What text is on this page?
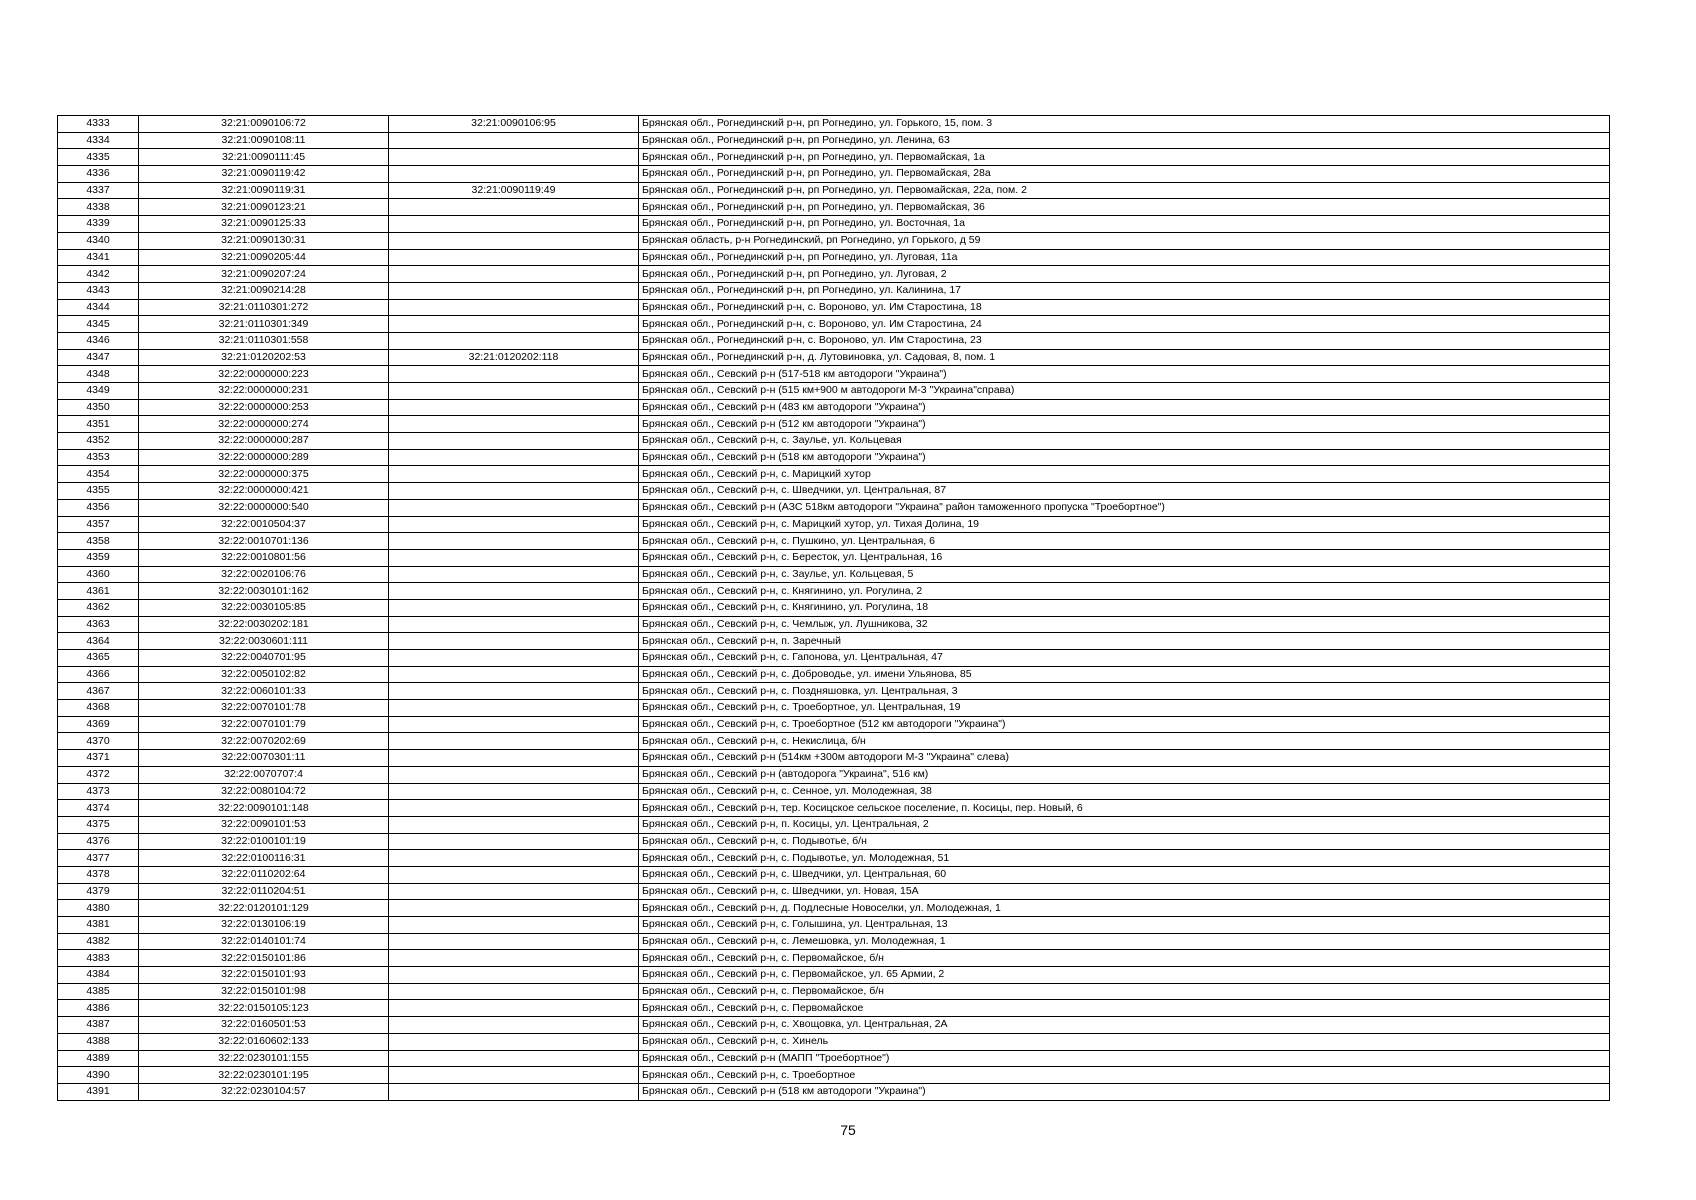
4333	32:21:0090106:72	32:21:0090106:95	Брянская обл., Рогнединский р-н, рп Рогнедино, ул. Горького, 15, пом. 3
4334	32:21:0090108:11		Брянская обл., Рогнединский р-н, рп Рогнедино, ул. Ленина, 63
4335	32:21:0090111:45		Брянская обл., Рогнединский р-н, рп Рогнедино, ул. Первомайская, 1а
4336	32:21:0090119:42		Брянская обл., Рогнединский р-н, рп Рогнедино, ул. Первомайская, 28а
4337	32:21:0090119:31	32:21:0090119:49	Брянская обл., Рогнединский р-н, рп Рогнедино, ул. Первомайская, 22а, пом. 2
4338	32:21:0090123:21		Брянская обл., Рогнединский р-н, рп Рогнедино, ул. Первомайская, 36
4339	32:21:0090125:33		Брянская обл., Рогнединский р-н, рп Рогнедино, ул. Восточная, 1а
4340	32:21:0090130:31		Брянская область, р-н Рогнединский, рп Рогнедино, ул Горького, д 59
4341	32:21:0090205:44		Брянская обл., Рогнединский р-н, рп Рогнедино, ул. Луговая, 11а
4342	32:21:0090207:24		Брянская обл., Рогнединский р-н, рп Рогнедино, ул. Луговая, 2
4343	32:21:0090214:28		Брянская обл., Рогнединский р-н, рп Рогнедино, ул. Калинина, 17
4344	32:21:0110301:272		Брянская обл., Рогнединский р-н, с. Вороново, ул. Им Старостина, 18
4345	32:21:0110301:349		Брянская обл., Рогнединский р-н, с. Вороново, ул. Им Старостина, 24
4346	32:21:0110301:558		Брянская обл., Рогнединский р-н, с. Вороново, ул. Им Старостина, 23
4347	32:21:0120202:53	32:21:0120202:118	Брянская обл., Рогнединский р-н, д. Лутовиновка, ул. Садовая, 8, пом. 1
4348	32:22:0000000:223		Брянская обл., Севский р-н (517-518 км автодороги "Украина")
4349	32:22:0000000:231		Брянская обл., Севский р-н (515 км+900 м автодороги М-3 "Украина"справа)
4350	32:22:0000000:253		Брянская обл., Севский р-н (483 км автодороги "Украина")
4351	32:22:0000000:274		Брянская обл., Севский р-н (512 км автодороги "Украина")
4352	32:22:0000000:287		Брянская обл., Севский р-н, с. Заулье, ул. Кольцевая
4353	32:22:0000000:289		Брянская обл., Севский р-н (518 км автодороги "Украина")
4354	32:22:0000000:375		Брянская обл., Севский р-н, с. Марицкий хутор
4355	32:22:0000000:421		Брянская обл., Севский р-н, с. Шведчики, ул. Центральная, 87
4356	32:22:0000000:540		Брянская обл., Севский р-н (АЗС 518км автодороги "Украина" район таможенного пропуска "Троебортное")
4357	32:22:0010504:37		Брянская обл., Севский р-н, с. Марицкий хутор, ул. Тихая Долина, 19
4358	32:22:0010701:136		Брянская обл., Севский р-н, с. Пушкино, ул. Центральная, 6
4359	32:22:0010801:56		Брянская обл., Севский р-н, с. Бересток, ул. Центральная, 16
4360	32:22:0020106:76		Брянская обл., Севский р-н, с. Заулье, ул. Кольцевая, 5
4361	32:22:0030101:162		Брянская обл., Севский р-н, с. Княгинино, ул. Рогулина, 2
4362	32:22:0030105:85		Брянская обл., Севский р-н, с. Княгинино, ул. Рогулина, 18
4363	32:22:0030202:181		Брянская обл., Севский р-н, с. Чемлыж, ул. Лушникова, 32
4364	32:22:0030601:111		Брянская обл., Севский р-н, п. Заречный
4365	32:22:0040701:95		Брянская обл., Севский р-н, с. Гапонова, ул. Центральная, 47
4366	32:22:0050102:82		Брянская обл., Севский р-н, с. Доброводье, ул. имени Ульянова, 85
4367	32:22:0060101:33		Брянская обл., Севский р-н, с. Поздняшовка, ул. Центральная, 3
4368	32:22:0070101:78		Брянская обл., Севский р-н, с. Троебортное, ул. Центральная, 19
4369	32:22:0070101:79		Брянская обл., Севский р-н, с. Троебортное (512 км автодороги "Украина")
4370	32:22:0070202:69		Брянская обл., Севский р-н, с. Некислица, б/н
4371	32:22:0070301:11		Брянская обл., Севский р-н (514км +300м автодороги М-3 "Украина" слева)
4372	32:22:0070707:4		Брянская обл., Севский р-н (автодорога "Украина", 516 км)
4373	32:22:0080104:72		Брянская обл., Севский р-н, с. Сенное, ул. Молодежная, 38
4374	32:22:0090101:148		Брянская обл., Севский р-н, тер. Косицское сельское поселение, п. Косицы, пер. Новый, 6
4375	32:22:0090101:53		Брянская обл., Севский р-н, п. Косицы, ул. Центральная, 2
4376	32:22:0100101:19		Брянская обл., Севский р-н, с. Подывотье, б/н
4377	32:22:0100116:31		Брянская обл., Севский р-н, с. Подывотье, ул. Молодежная, 51
4378	32:22:0110202:64		Брянская обл., Севский р-н, с. Шведчики, ул. Центральная, 60
4379	32:22:0110204:51		Брянская обл., Севский р-н, с. Шведчики, ул. Новая, 15А
4380	32:22:0120101:129		Брянская обл., Севский р-н, д. Подлесные Новоселки, ул. Молодежная, 1
4381	32:22:0130106:19		Брянская обл., Севский р-н, с. Голышина, ул. Центральная, 13
4382	32:22:0140101:74		Брянская обл., Севский р-н, с. Лемешовка, ул. Молодежная, 1
4383	32:22:0150101:86		Брянская обл., Севский р-н, с. Первомайское, б/н
4384	32:22:0150101:93		Брянская обл., Севский р-н, с. Первомайское, ул. 65 Армии, 2
4385	32:22:0150101:98		Брянская обл., Севский р-н, с. Первомайское, б/н
4386	32:22:0150105:123		Брянская обл., Севский р-н, с. Первомайское
4387	32:22:0160501:53		Брянская обл., Севский р-н, с. Хвощовка, ул. Центральная, 2А
4388	32:22:0160602:133		Брянская обл., Севский р-н, с. Хинель
4389	32:22:0230101:155		Брянская обл., Севский р-н (МАПП "Троебортное")
4390	32:22:0230101:195		Брянская обл., Севский р-н, с. Троебортное
4391	32:22:0230104:57		Брянская обл., Севский р-н (518 км автодороги "Украина")
75
